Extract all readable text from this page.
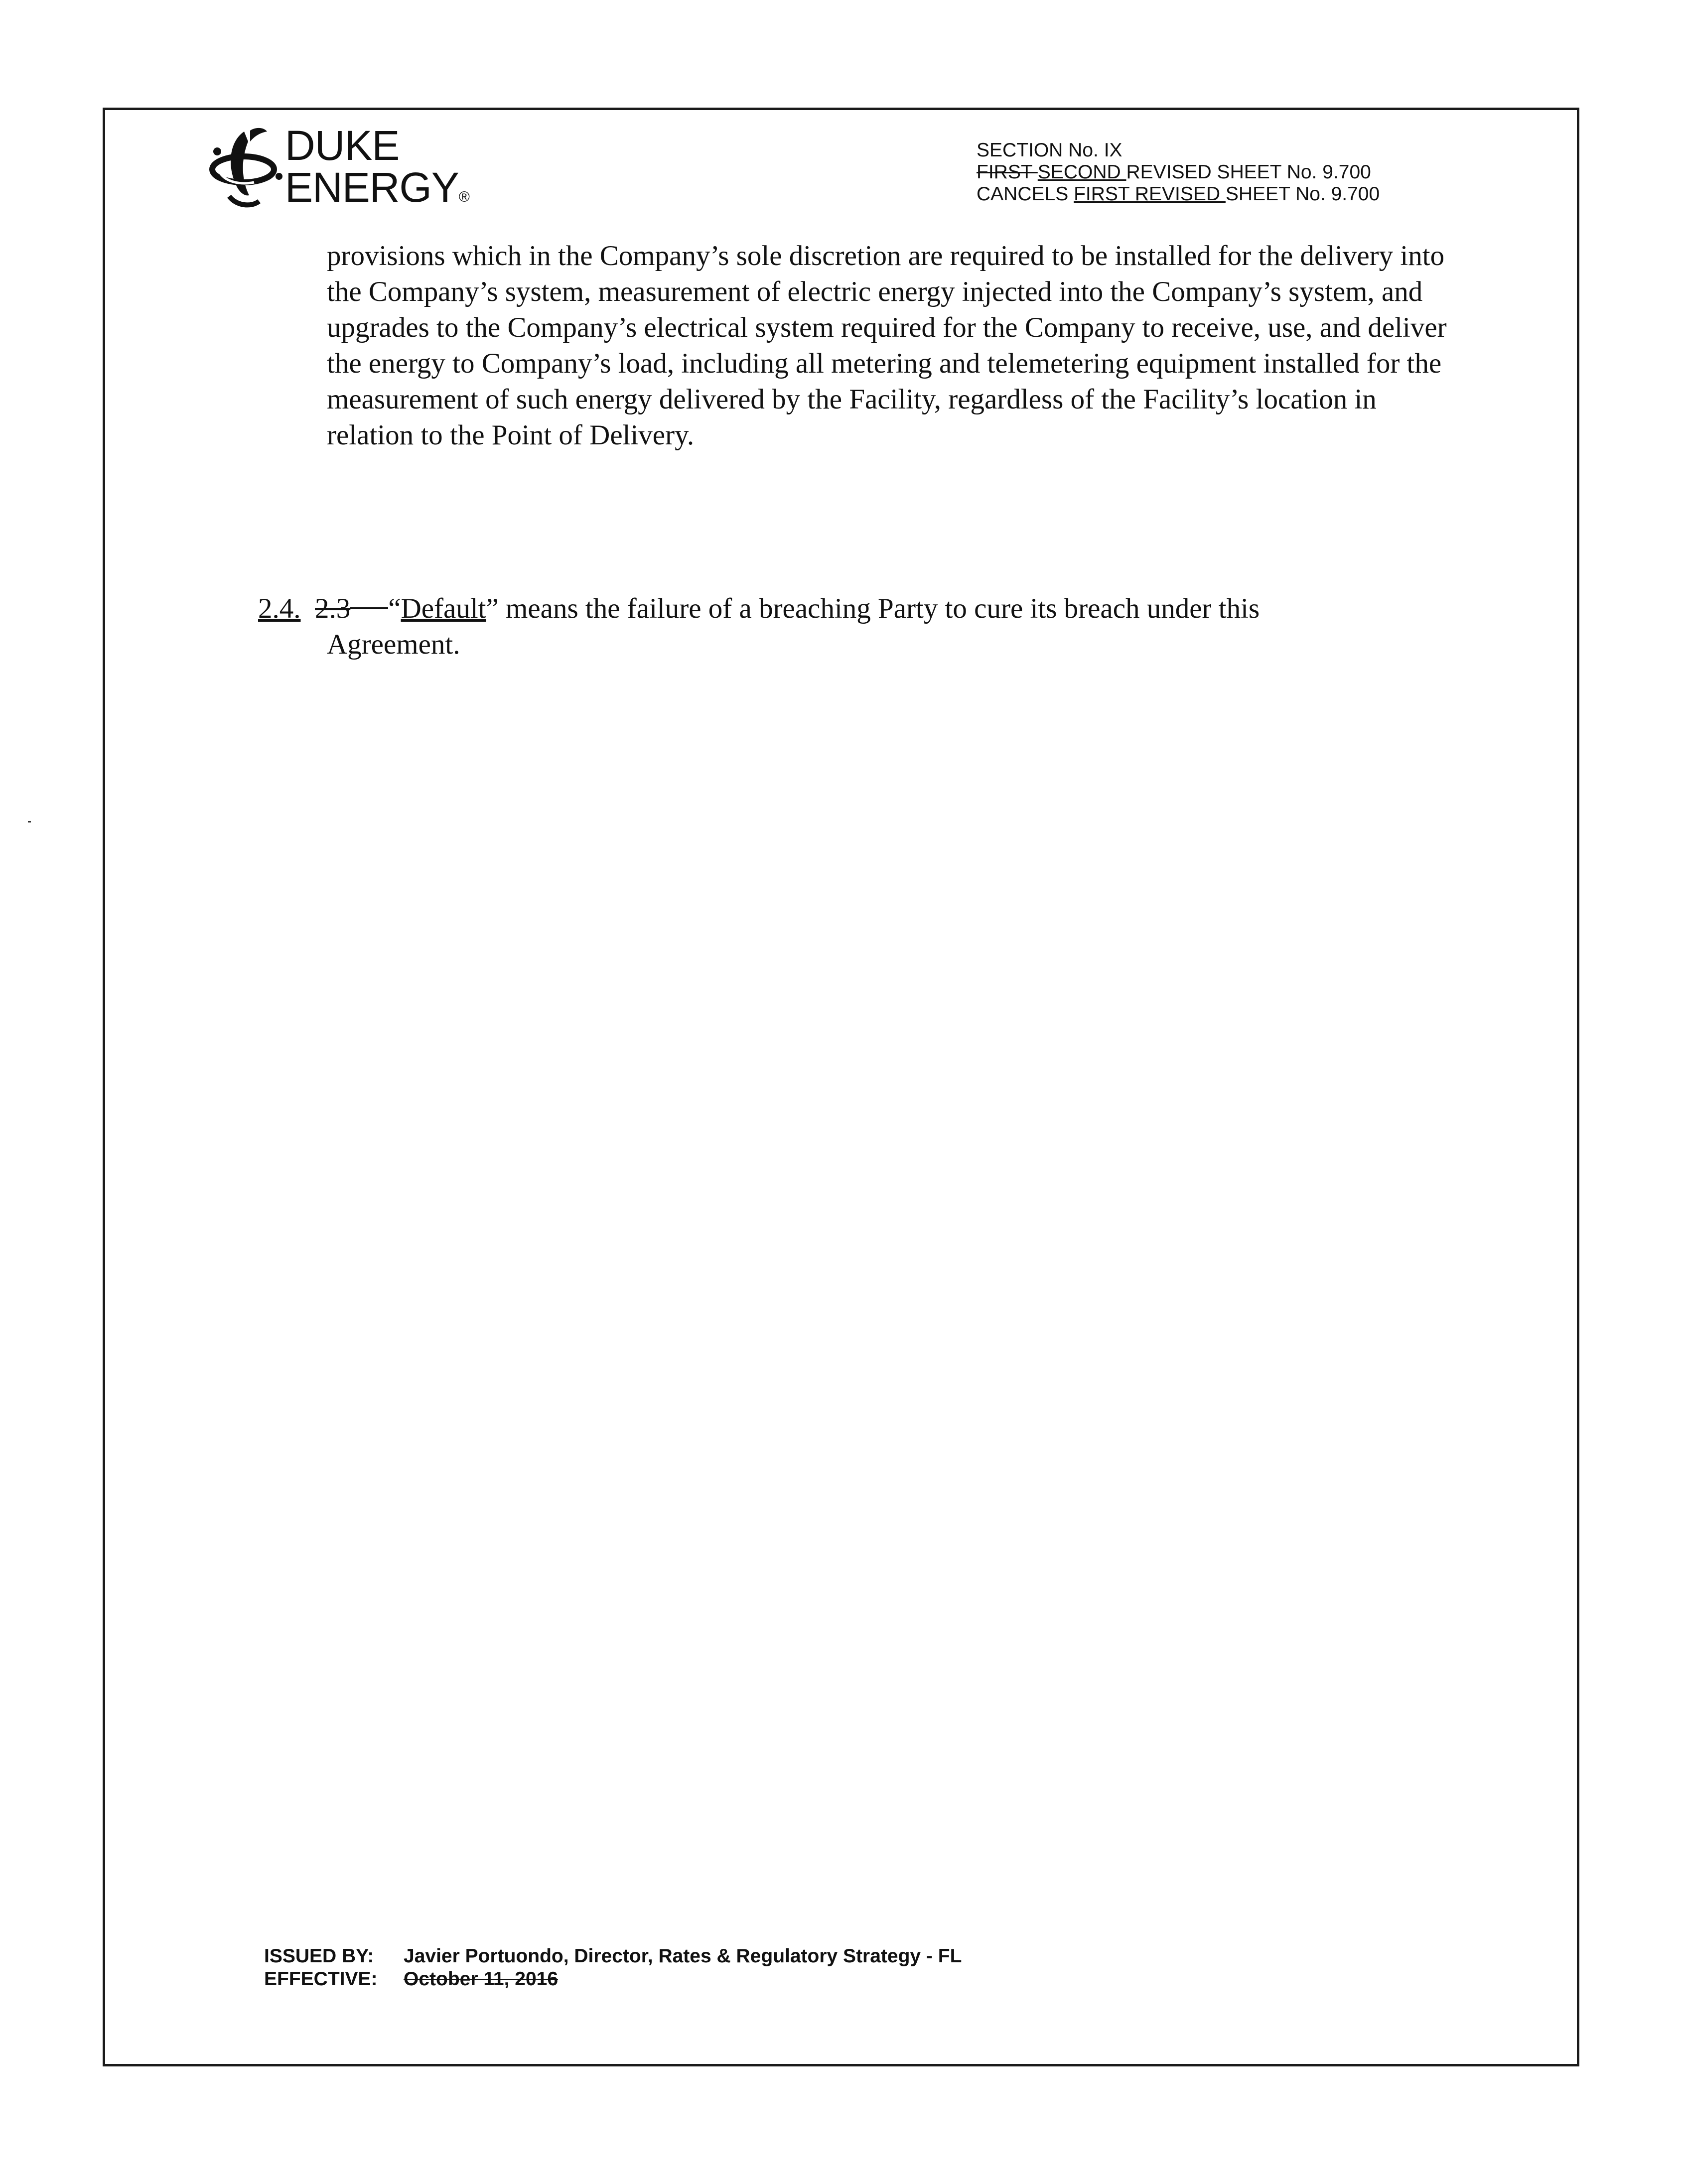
DUKE
ENERGY®
SECTION No. IX
FIRST SECOND REVISED SHEET No. 9.700
CANCELS FIRST REVISED SHEET No. 9.700
provisions which in the Company’s sole discretion are required to be installed for the delivery into the Company’s system, measurement of electric energy injected into the Company’s system, and upgrades to the Company’s electrical system required for the Company to receive, use, and deliver the energy to Company’s load, including all metering and telemetering equipment installed for the measurement of such energy delivered by the Facility, regardless of the Facility’s location in relation to the Point of Delivery.
2.4. 2.3 “Default” means the failure of a breaching Party to cure its breach under this
Agreement.
ISSUED BY: Javier Portuondo, Director, Rates & Regulatory Strategy - FL
EFFECTIVE: October 11, 2016
